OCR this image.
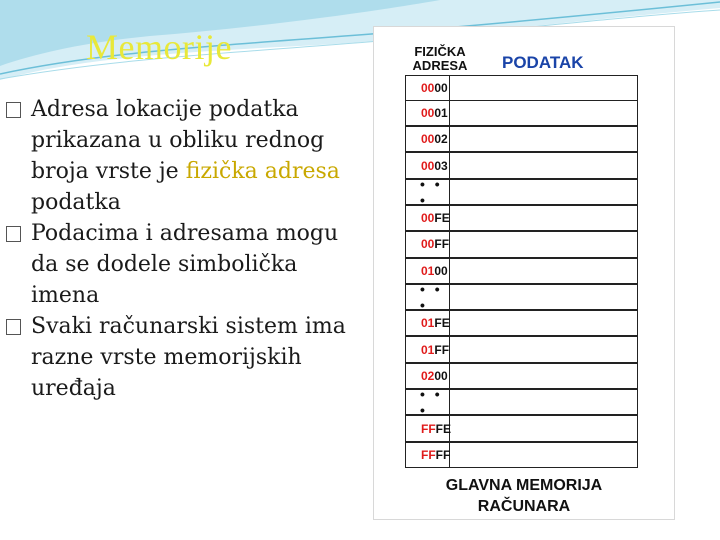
Memorije
Adresa lokacije podatka prikazana u obliku rednog broja vrste je fizička adresa podatka
Podacima i adresama mogu da se dodele simbolička imena
Svaki računarski sistem ima razne vrste memorijskih uređaja
FIZIČKA ADRESA	PODATAK
00 00
00 01
00 02
00 03
• • •
00 FE
00 FF
01 00
• • •
01 FE
01 FF
02 00
• • •
FF FE
FF FF
GLAVNA MEMORIJA
RAČUNARA
